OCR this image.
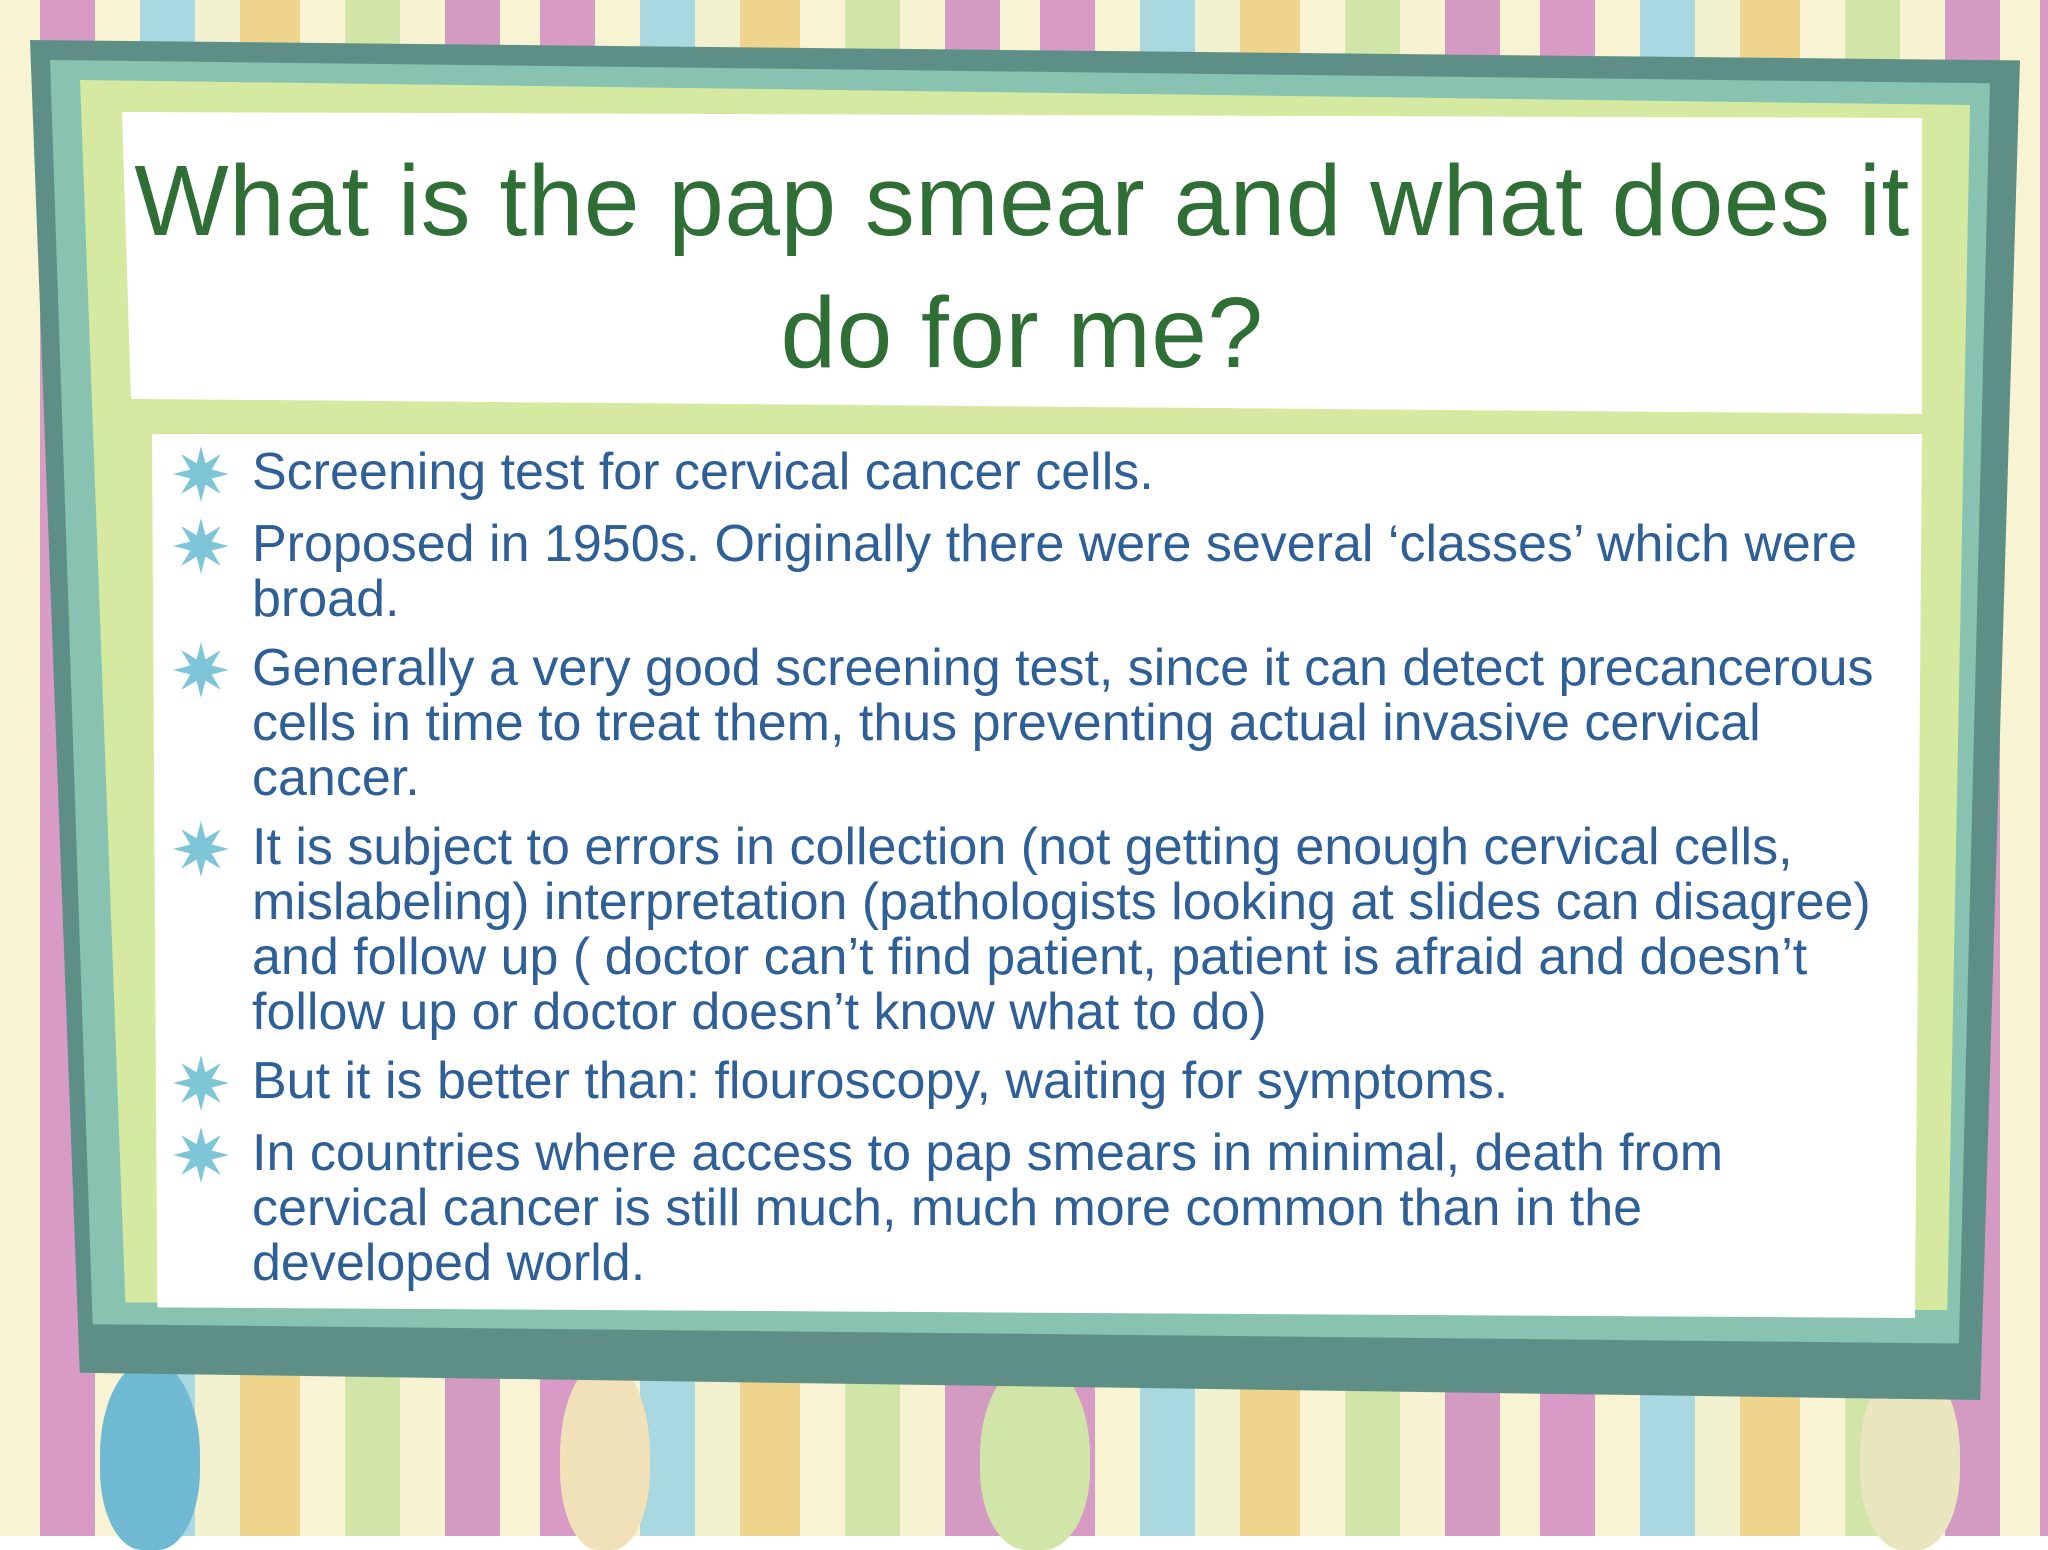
What is the pap smear and what does it do for me?
Screening test for cervical cancer cells.
Proposed in 1950s. Originally there were several ‘classes’ which were broad.
Generally a very good screening test, since it can detect precancerous cells in time to treat them, thus preventing actual invasive cervical cancer.
It is subject to errors in collection (not getting enough cervical cells, mislabeling) interpretation (pathologists looking at slides can disagree) and follow up ( doctor can’t find patient, patient is afraid and doesn’t follow up or doctor doesn’t know what to do)
But it is better than: flouroscopy, waiting for symptoms.
In countries where access to pap smears in minimal, death from cervical cancer is still much, much more common than in the developed world.
